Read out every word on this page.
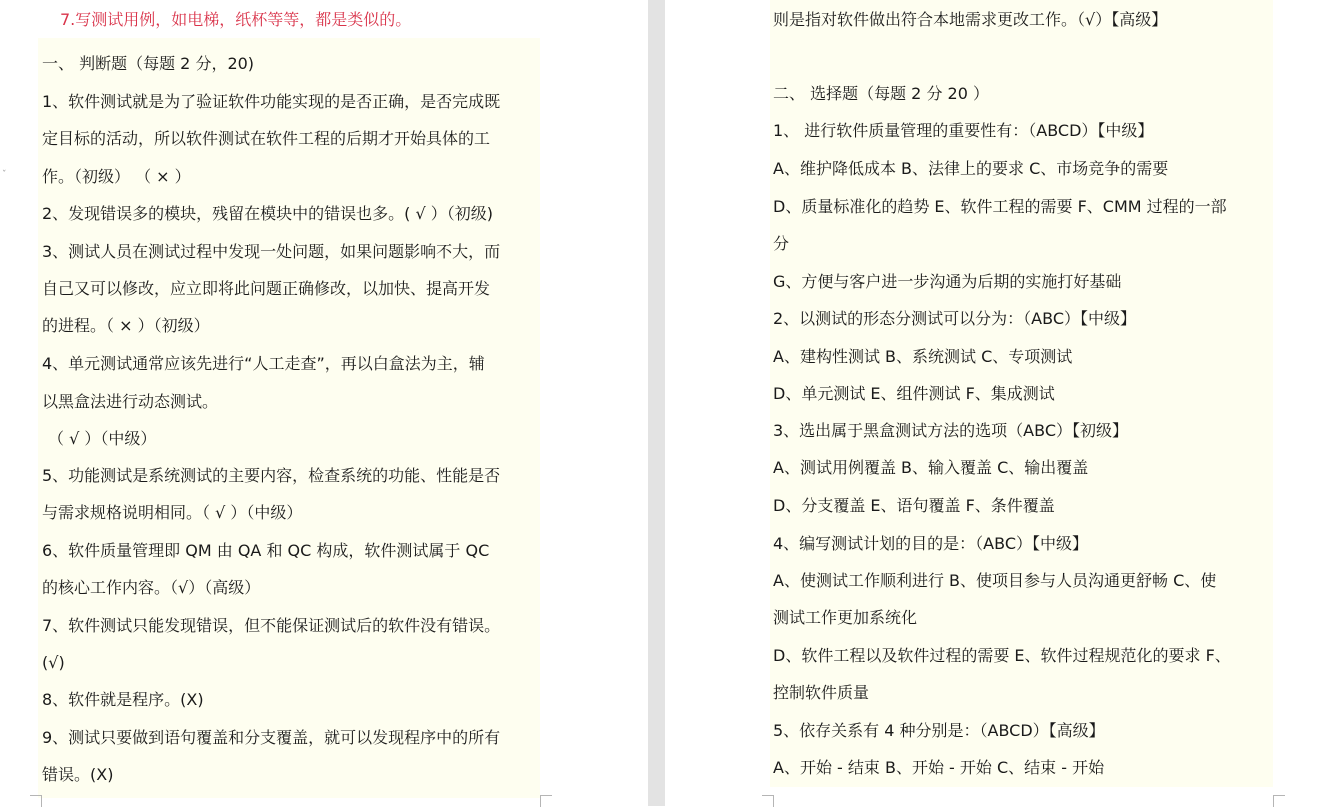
ˇ
7.写测试用例，如电梯，纸杯等等，都是类似的。
一、 判断题（每题 2 分，20)
1、软件测试就是为了验证软件功能实现的是否正确，是否完成既
定目标的活动，所以软件测试在软件工程的后期才开始具体的工
作。（初级） （ × ）
2、发现错误多的模块，残留在模块中的错误也多。( √ ）（初级)
3、测试人员在测试过程中发现一处问题，如果问题影响不大，而
自己又可以修改，应立即将此问题正确修改，以加快、提高开发
的进程。（ × ）（初级）
4、单元测试通常应该先进行“人工走查”，再以白盒法为主，辅
以黑盒法进行动态测试。
（ √ ）（中级）
5、功能测试是系统测试的主要内容，检查系统的功能、性能是否
与需求规格说明相同。（ √ ）（中级）
6、软件质量管理即 QM 由 QA 和 QC 构成，软件测试属于 QC
的核心工作内容。（√）（高级）
7、软件测试只能发现错误，但不能保证测试后的软件没有错误。
(√)
8、软件就是程序。(X)
9、测试只要做到语句覆盖和分支覆盖，就可以发现程序中的所有
错误。(X)
则是指对软件做出符合本地需求更改工作。（√）【高级】
二、 选择题（每题 2 分 20 ）
1、 进行软件质量管理的重要性有：（ABCD）【中级】
A、维护降低成本 B、法律上的要求 C、市场竞争的需要
D、质量标准化的趋势 E、软件工程的需要 F、CMM 过程的一部
分
G、方便与客户进一步沟通为后期的实施打好基础
2、以测试的形态分测试可以分为：（ABC）【中级】
A、建构性测试 B、系统测试 C、专项测试
D、单元测试 E、组件测试 F、集成测试
3、选出属于黑盒测试方法的选项（ABC）【初级】
A、测试用例覆盖 B、输入覆盖 C、输出覆盖
D、分支覆盖 E、语句覆盖 F、条件覆盖
4、编写测试计划的目的是：（ABC）【中级】
A、使测试工作顺利进行 B、使项目参与人员沟通更舒畅 C、使
测试工作更加系统化
D、软件工程以及软件过程的需要 E、软件过程规范化的要求 F、
控制软件质量
5、依存关系有 4 种分别是：（ABCD）【高级】
A、开始 - 结束 B、开始 - 开始 C、结束 - 开始
